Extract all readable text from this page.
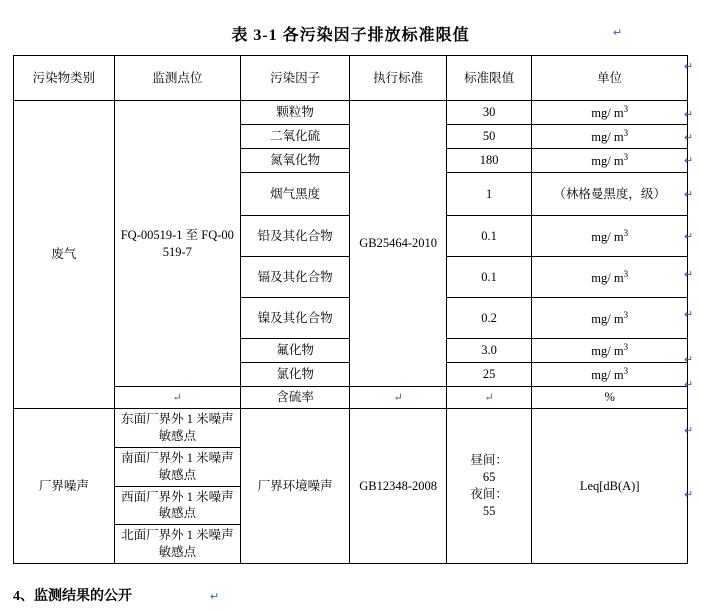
表 3-1 各污染因子排放标准限值	↵
污染物类别	监测点位	污染因子	执行标准	标准限值	单位
废气	FQ-00519-1 至 FQ-00519-7	颗粒物	GB25464-2010	30	mg/ $m^3$
		二氧化硫		50	mg/ $m^3$
		氮氧化物		180	mg/ $m^3$
		烟气黑度		1	（林格曼黑度，级）
		铅及其化合物		0.1	mg/ $m^3$
		镉及其化合物		0.1	mg/ $m^3$
		镍及其化合物		0.2	mg/ $m^3$
		氟化物		3.0	mg/ $m^3$
		氯化物		25	mg/ $m^3$
	↵	含硫率	↵	↵	%
厂界噪声	东面厂界外 1 米噪声敏感点	厂界环境噪声	GB12348-2008	昼间：
65
夜间：
55	Leq[dB(A)]
	南面厂界外 1 米噪声敏感点				
	西面厂界外 1 米噪声敏感点				
	北面厂界外 1 米噪声敏感点				
↵
↵
↵
↵
↵
↵
↵
↵
↵
↵
↵
↵
4、监测结果的公开	↵
